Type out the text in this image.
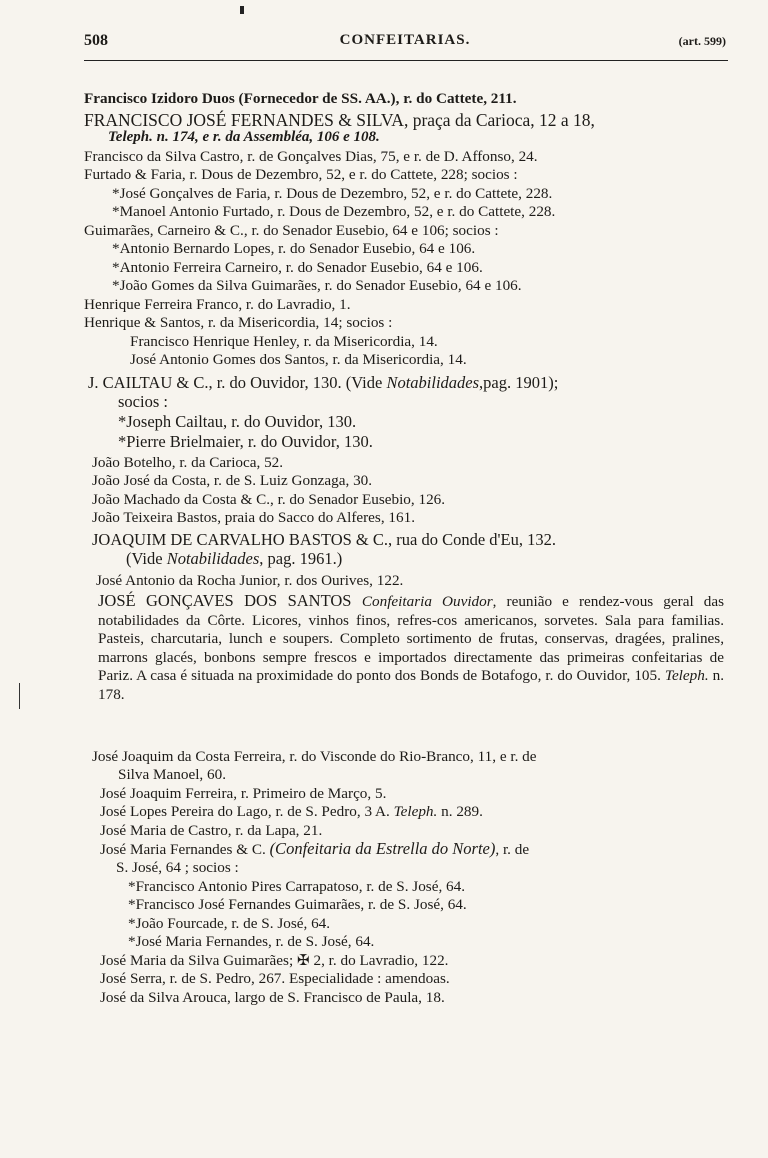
508	CONFEITARIAS.	(art. 599)
Francisco Izidoro Duos (Fornecedor de SS. AA.), r. do Cattete, 211.
FRANCISCO JOSÉ FERNANDES & SILVA, praça da Carioca, 12 a 18,
Teleph. n. 174, e r. da Assembléa, 106 e 108.
Francisco da Silva Castro, r. de Gonçalves Dias, 75, e r. de D. Affonso, 24.
Furtado & Faria, r. Dous de Dezembro, 52, e r. do Cattete, 228; socios :
*José Gonçalves de Faria, r. Dous de Dezembro, 52, e r. do Cattete, 228.
*Manoel Antonio Furtado, r. Dous de Dezembro, 52, e r. do Cattete, 228.
Guimarães, Carneiro & C., r. do Senador Eusebio, 64 e 106; socios :
*Antonio Bernardo Lopes, r. do Senador Eusebio, 64 e 106.
*Antonio Ferreira Carneiro, r. do Senador Eusebio, 64 e 106.
*João Gomes da Silva Guimarães, r. do Senador Eusebio, 64 e 106.
Henrique Ferreira Franco, r. do Lavradio, 1.
Henrique & Santos, r. da Misericordia, 14; socios :
Francisco Henrique Henley, r. da Misericordia, 14.
José Antonio Gomes dos Santos, r. da Misericordia, 14.
J. CAILTAU & C., r. do Ouvidor, 130. (Vide Notabilidades,pag. 1901);
socios :
*Joseph Cailtau, r. do Ouvidor, 130.
*Pierre Brielmaier, r. do Ouvidor, 130.
João Botelho, r. da Carioca, 52.
João José da Costa, r. de S. Luiz Gonzaga, 30.
João Machado da Costa & C., r. do Senador Eusebio, 126.
João Teixeira Bastos, praia do Sacco do Alferes, 161.
JOAQUIM DE CARVALHO BASTOS & C., rua do Conde d'Eu, 132.
(Vide Notabilidades, pag. 1961.)
José Antonio da Rocha Junior, r. dos Ourives, 122.
JOSÉ GONÇAVES DOS SANTOS Confeitaria Ouvidor, reunião e rendez-vous geral das notabilidades da Côrte. Licores, vinhos finos, refres-cos americanos, sorvetes. Sala para familias. Pasteis, charcutaria, lunch e soupers. Completo sortimento de frutas, conservas, dragées, pralines, marrons glacés, bonbons sempre frescos e importados directamente das primeiras confeitarias de Pariz. A casa é situada na proximidade do ponto dos Bonds de Botafogo, r. do Ouvidor, 105. Teleph. n. 178.
José Joaquim da Costa Ferreira, r. do Visconde do Rio-Branco, 11, e r. de
Silva Manoel, 60.
José Joaquim Ferreira, r. Primeiro de Março, 5.
José Lopes Pereira do Lago, r. de S. Pedro, 3 A. Teleph. n. 289.
José Maria de Castro, r. da Lapa, 21.
José Maria Fernandes & C. (Confeitaria da Estrella do Norte), r. de
S. José, 64 ; socios :
*Francisco Antonio Pires Carrapatoso, r. de S. José, 64.
*Francisco José Fernandes Guimarães, r. de S. José, 64.
*João Fourcade, r. de S. José, 64.
*José Maria Fernandes, r. de S. José, 64.
José Maria da Silva Guimarães; ✠ 2, r. do Lavradio, 122.
José Serra, r. de S. Pedro, 267. Especialidade : amendoas.
José da Silva Arouca, largo de S. Francisco de Paula, 18.
